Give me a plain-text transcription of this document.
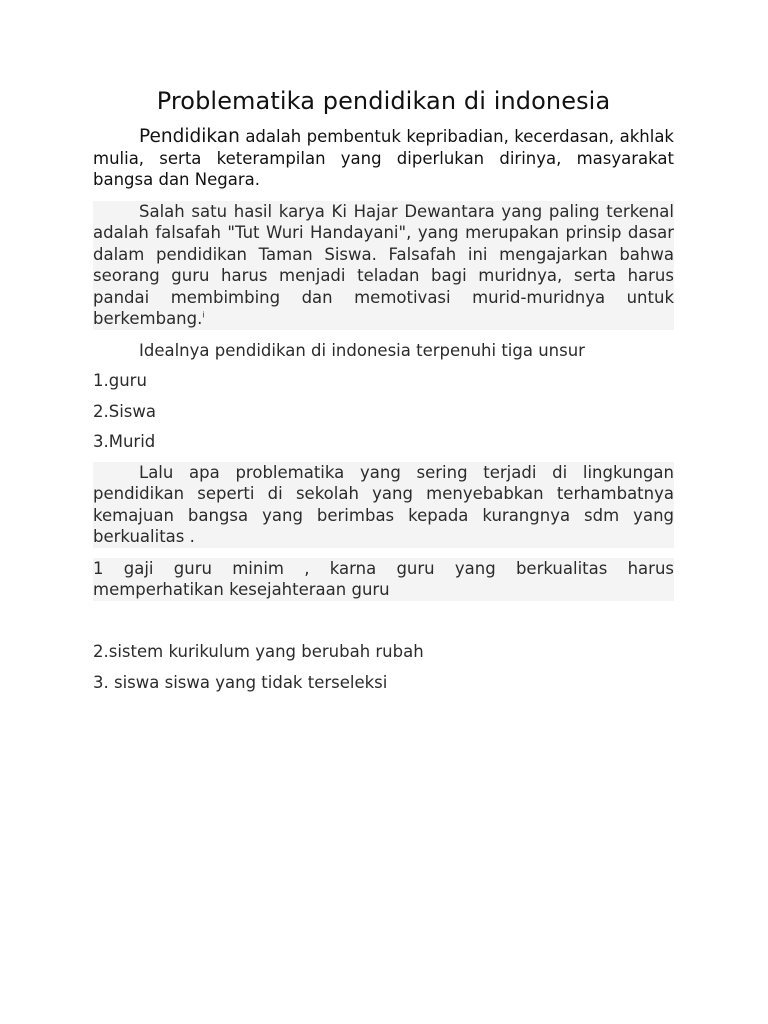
Problematika pendidikan di indonesia

Pendidikan adalah pembentuk kepribadian, kecerdasan, akhlak mulia, serta keterampilan yang diperlukan dirinya, masyarakat bangsa dan Negara.

Salah satu hasil karya Ki Hajar Dewantara yang paling terkenal adalah falsafah "Tut Wuri Handayani", yang merupakan prinsip dasar dalam pendidikan Taman Siswa. Falsafah ini mengajarkan bahwa seorang guru harus menjadi teladan bagi muridnya, serta harus pandai membimbing dan memotivasi murid-muridnya untuk berkembang.$^i$

Idealnya pendidikan di indonesia terpenuhi tiga unsur

1.guru

2.Siswa

3.Murid

Lalu apa problematika yang sering terjadi di lingkungan pendidikan seperti di sekolah yang menyebabkan terhambatnya kemajuan bangsa yang berimbas kepada kurangnya sdm yang berkualitas .

1 gaji guru minim , karna guru yang berkualitas harus memperhatikan kesejahteraan guru

2.sistem kurikulum yang berubah rubah

3. siswa siswa yang tidak terseleksi
